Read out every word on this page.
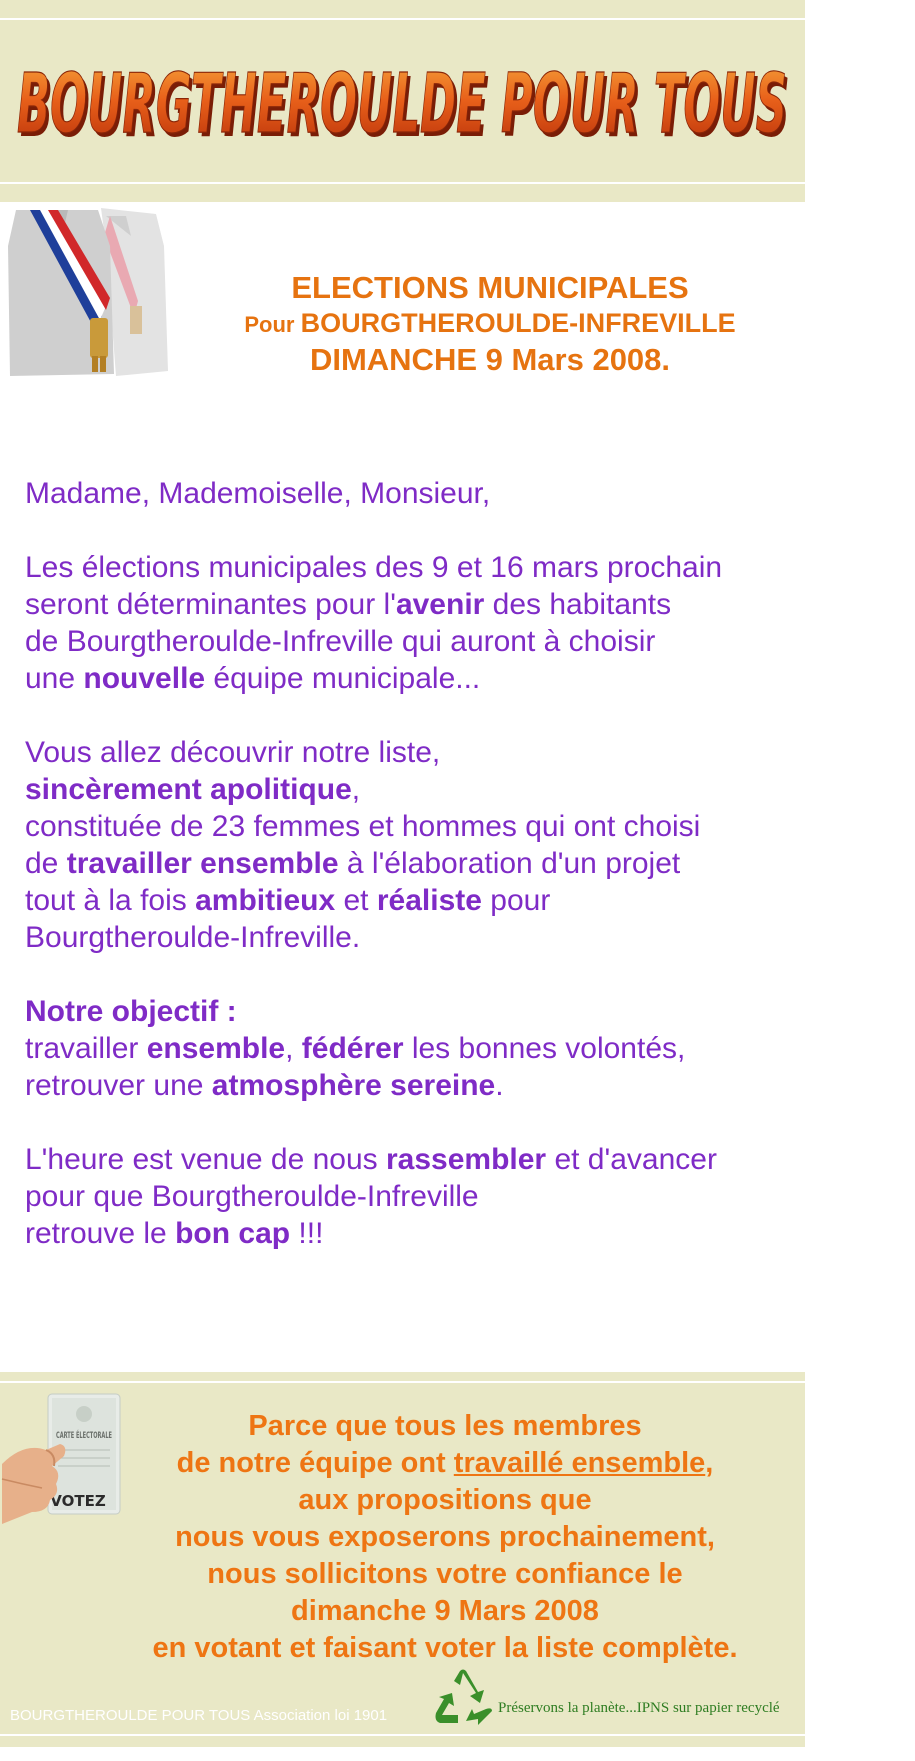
BOURGTHEROULDE POUR TOUS
BOURGTHEROULDE POUR TOUS
ELECTIONS MUNICIPALES
Pour BOURGTHEROULDE-INFREVILLE
DIMANCHE 9 Mars 2008.

Madame, Mademoiselle, Monsieur,

Les élections municipales des 9 et 16 mars prochain
seront déterminantes pour l'avenir des habitants
de Bourgtheroulde-Infreville qui auront à choisir
une nouvelle équipe municipale...

Vous allez découvrir notre liste,
sincèrement apolitique,
constituée de 23 femmes et hommes qui ont choisi
de travailler ensemble à l'élaboration d'un projet
tout à la fois ambitieux et réaliste pour
Bourgtheroulde-Infreville.

Notre objectif :
travailler ensemble, fédérer les bonnes volontés,
retrouver une atmosphère sereine.

L'heure est venue de nous rassembler et d'avancer
pour que Bourgtheroulde-Infreville
retrouve le bon cap !!!

CARTE ÉLECTORALE
VOTEZ
Parce que tous les membres
de notre équipe ont travaillé ensemble,
aux propositions que
nous vous exposerons prochainement,
nous sollicitons votre confiance le
dimanche 9 Mars 2008
en votant et faisant voter la liste complète.
BOURGTHEROULDE POUR TOUS Association loi 1901	Préservons la planète...IPNS sur papier recyclé
